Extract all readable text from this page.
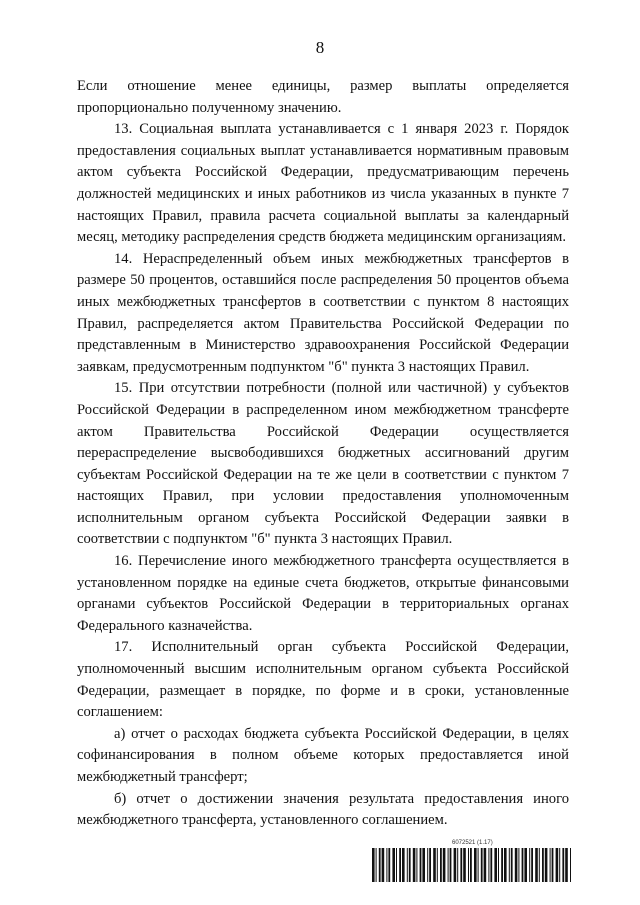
8

Если отношение менее единицы, размер выплаты определяется пропорционально полученному значению.

13. Социальная выплата устанавливается с 1 января 2023 г. Порядок предоставления социальных выплат устанавливается нормативным правовым актом субъекта Российской Федерации, предусматривающим перечень должностей медицинских и иных работников из числа указанных в пункте 7 настоящих Правил, правила расчета социальной выплаты за календарный месяц, методику распределения средств бюджета медицинским организациям.

14. Нераспределенный объем иных межбюджетных трансфертов в размере 50 процентов, оставшийся после распределения 50 процентов объема иных межбюджетных трансфертов в соответствии с пунктом 8 настоящих Правил, распределяется актом Правительства Российской Федерации по представленным в Министерство здравоохранения Российской Федерации заявкам, предусмотренным подпунктом "б" пункта 3 настоящих Правил.

15. При отсутствии потребности (полной или частичной) у субъектов Российской Федерации в распределенном ином межбюджетном трансферте актом Правительства Российской Федерации осуществляется перераспределение высвободившихся бюджетных ассигнований другим субъектам Российской Федерации на те же цели в соответствии с пунктом 7 настоящих Правил, при условии предоставления уполномоченным исполнительным органом субъекта Российской Федерации заявки в соответствии с подпунктом "б" пункта 3 настоящих Правил.

16. Перечисление иного межбюджетного трансферта осуществляется в установленном порядке на единые счета бюджетов, открытые финансовыми органами субъектов Российской Федерации в территориальных органах Федерального казначейства.

17. Исполнительный орган субъекта Российской Федерации, уполномоченный высшим исполнительным органом субъекта Российской Федерации, размещает в порядке, по форме и в сроки, установленные соглашением:

а) отчет о расходах бюджета субъекта Российской Федерации, в целях софинансирования в полном объеме которых предоставляется иной межбюджетный трансферт;

б) отчет о достижении значения результата предоставления иного межбюджетного трансферта, установленного соглашением.

6072521 (1.17)
